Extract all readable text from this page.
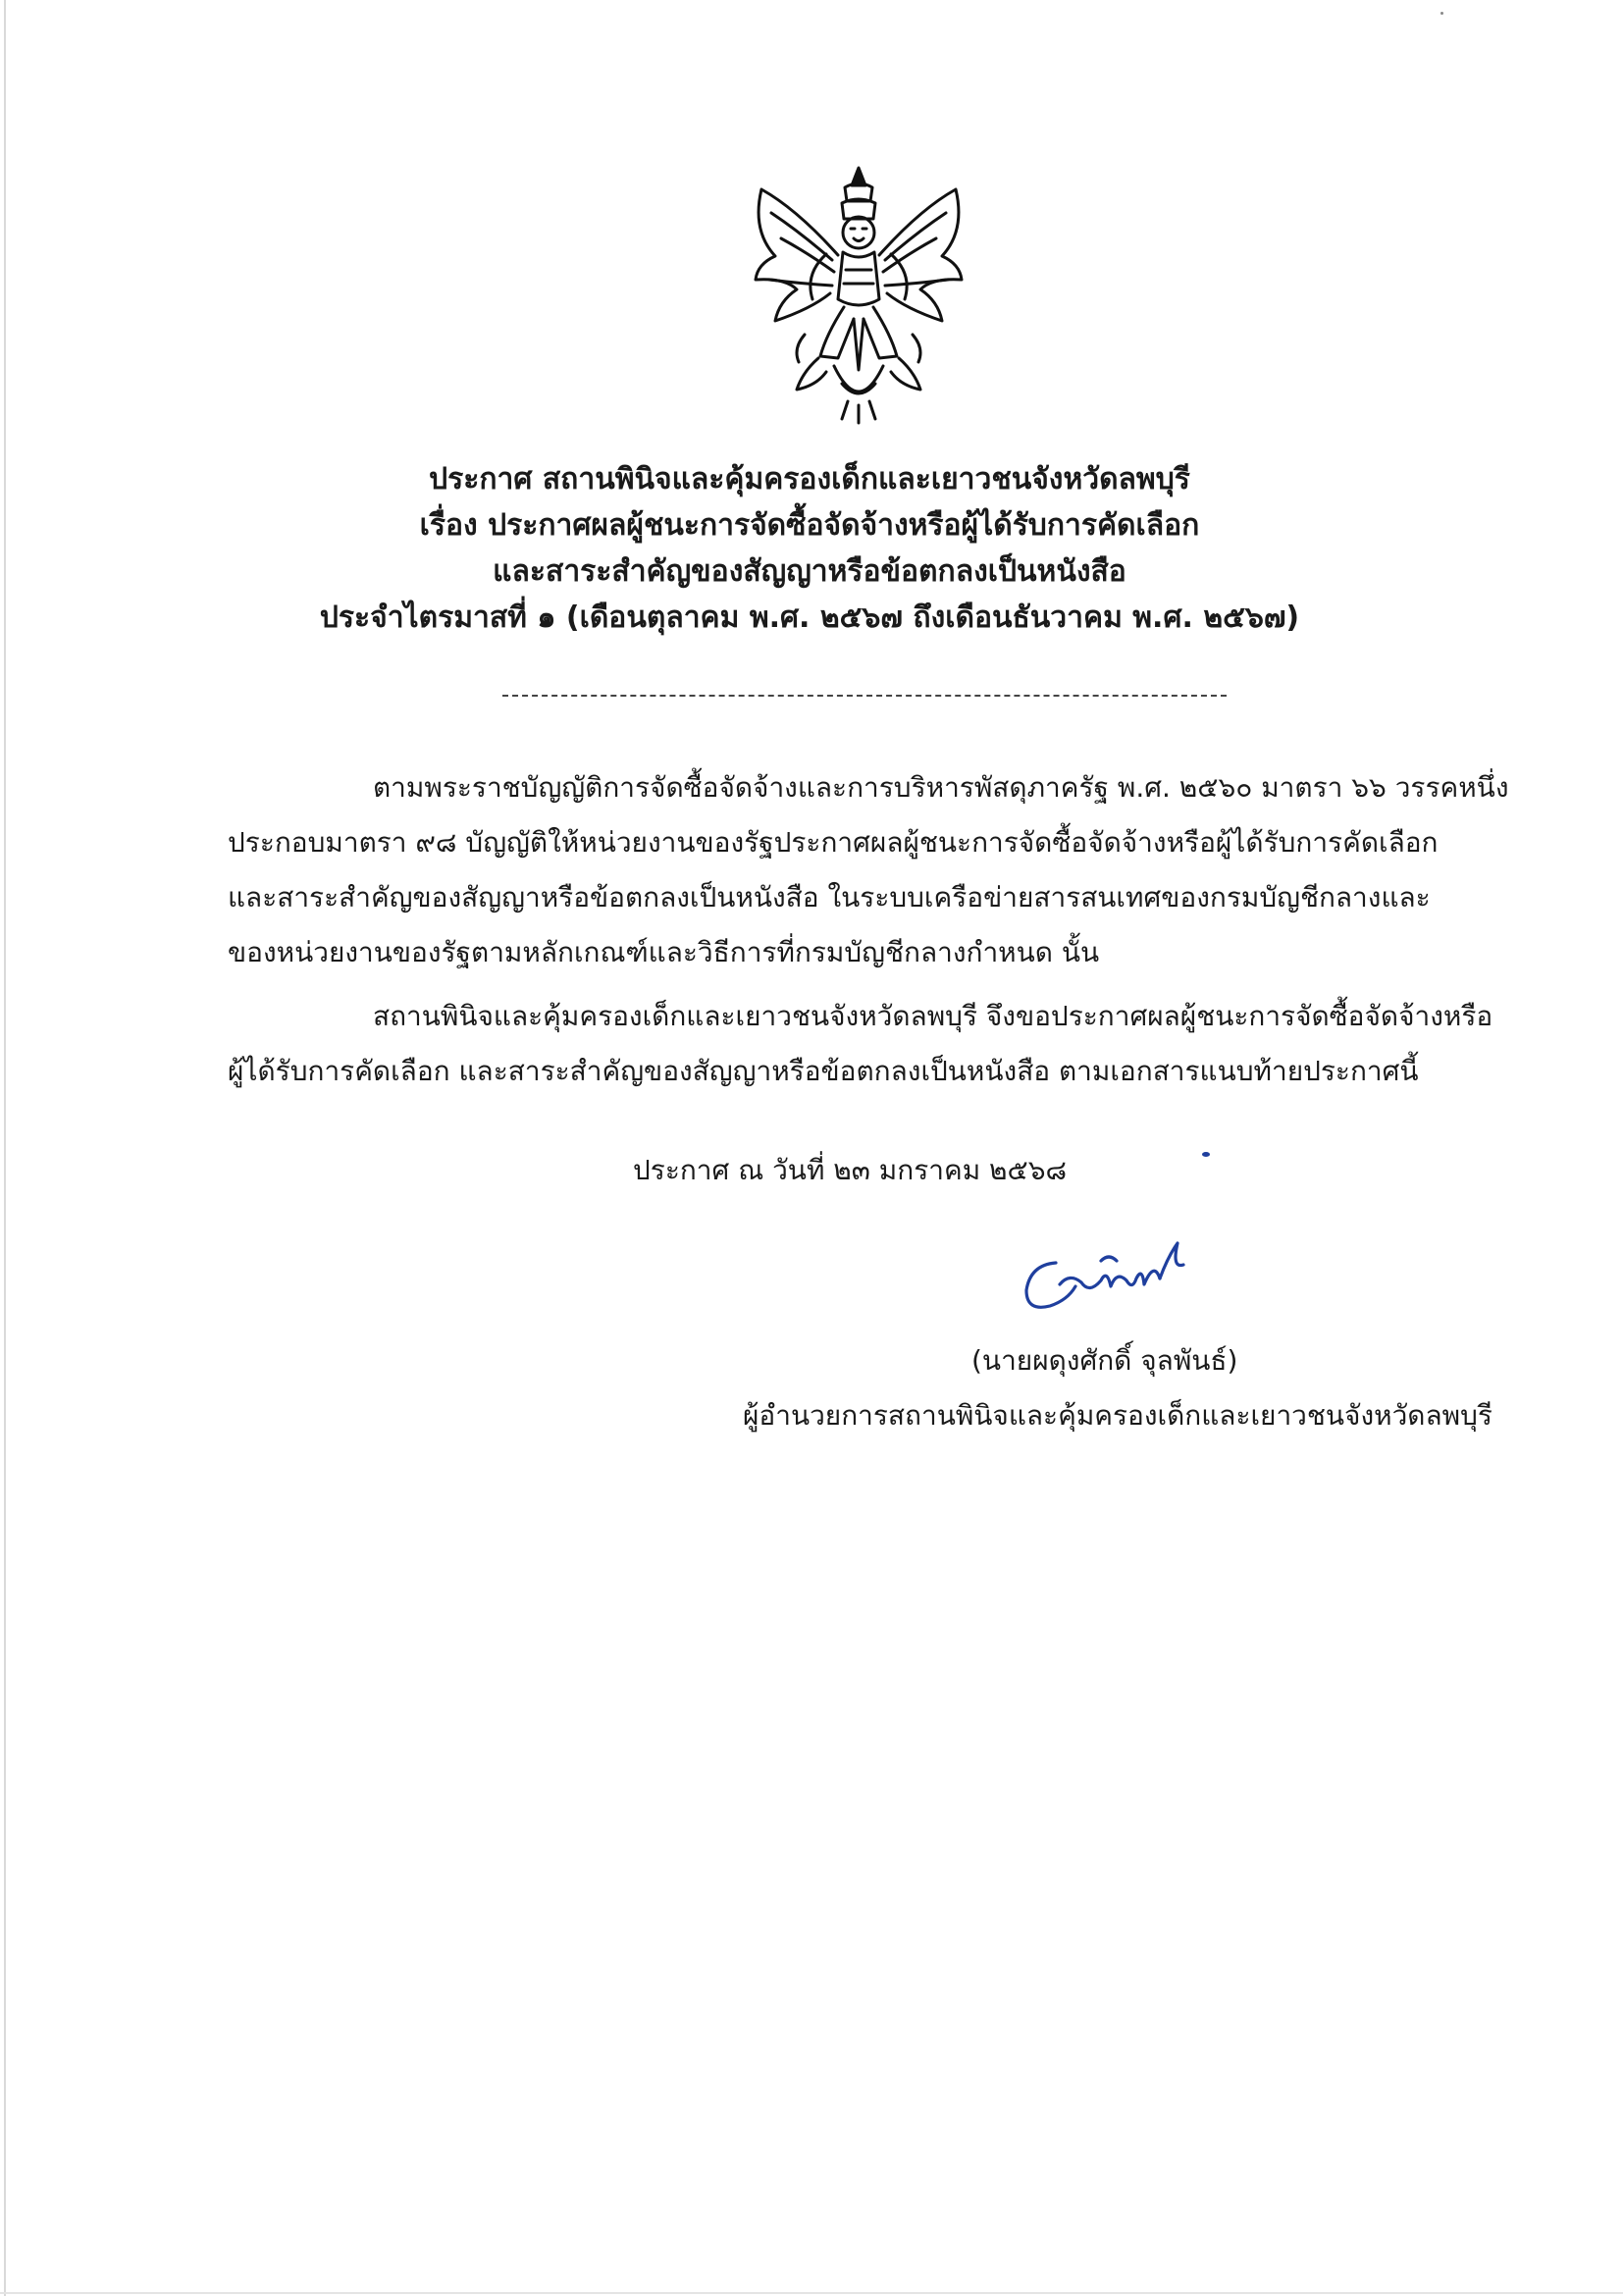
ประกาศ สถานพินิจและคุ้มครองเด็กและเยาวชนจังหวัดลพบุรี
เรื่อง ประกาศผลผู้ชนะการจัดซื้อจัดจ้างหรือผู้ได้รับการคัดเลือก
และสาระสำคัญของสัญญาหรือข้อตกลงเป็นหนังสือ
ประจำไตรมาสที่ ๑ (เดือนตุลาคม พ.ศ. ๒๕๖๗ ถึงเดือนธันวาคม พ.ศ. ๒๕๖๗)
ตามพระราชบัญญัติการจัดซื้อจัดจ้างและการบริหารพัสดุภาครัฐ พ.ศ. ๒๕๖๐ มาตรา ๖๖ วรรคหนึ่ง
ประกอบมาตรา ๙๘ บัญญัติให้หน่วยงานของรัฐประกาศผลผู้ชนะการจัดซื้อจัดจ้างหรือผู้ได้รับการคัดเลือก
และสาระสำคัญของสัญญาหรือข้อตกลงเป็นหนังสือ ในระบบเครือข่ายสารสนเทศของกรมบัญชีกลางและ
ของหน่วยงานของรัฐตามหลักเกณฑ์และวิธีการที่กรมบัญชีกลางกำหนด นั้น
สถานพินิจและคุ้มครองเด็กและเยาวชนจังหวัดลพบุรี จึงขอประกาศผลผู้ชนะการจัดซื้อจัดจ้างหรือ
ผู้ได้รับการคัดเลือก และสาระสำคัญของสัญญาหรือข้อตกลงเป็นหนังสือ ตามเอกสารแนบท้ายประกาศนี้
ประกาศ ณ วันที่ ๒๓ มกราคม ๒๕๖๘
(นายผดุงศักดิ์ จุลพันธ์)
ผู้อำนวยการสถานพินิจและคุ้มครองเด็กและเยาวชนจังหวัดลพบุรี
